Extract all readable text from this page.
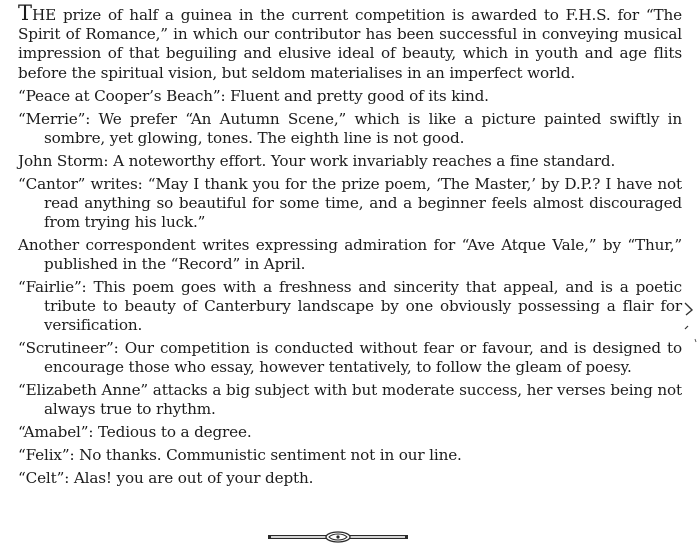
THE prize of half a guinea in the current competition is awarded to F.H.S. for “The Spirit of Romance,” in which our contributor has been successful in conveying musical impression of that beguiling and elusive ideal of beauty, which in youth and age flits before the spiritual vision, but seldom materialises in an imperfect world.

“Peace at Cooper’s Beach”: Fluent and pretty good of its kind.

“Merrie”: We prefer “An Autumn Scene,” which is like a picture painted swiftly in sombre, yet glowing, tones. The eighth line is not good.

John Storm: A noteworthy effort. Your work invariably reaches a fine standard.

“Cantor” writes: “May I thank you for the prize poem, ‘The Master,’ by D.P.? I have not read anything so beautiful for some time, and a beginner feels almost discouraged from trying his luck.”

Another correspondent writes expressing admiration for “Ave Atque Vale,” by “Thur,” published in the “Record” in April.

“Fairlie”: This poem goes with a freshness and sincerity that appeal, and is a poetic tribute to beauty of Canterbury landscape by one obviously possessing a flair for versification.

“Scrutineer”: Our competition is conducted without fear or favour, and is designed to encourage those who essay, however tentatively, to follow the gleam of poesy.

“Elizabeth Anne” attacks a big subject with but moderate success, her verses being not always true to rhythm.

“Amabel”: Tedious to a degree.

“Felix”: No thanks. Communistic sentiment not in our line.

“Celt”: Alas! you are out of your depth.
